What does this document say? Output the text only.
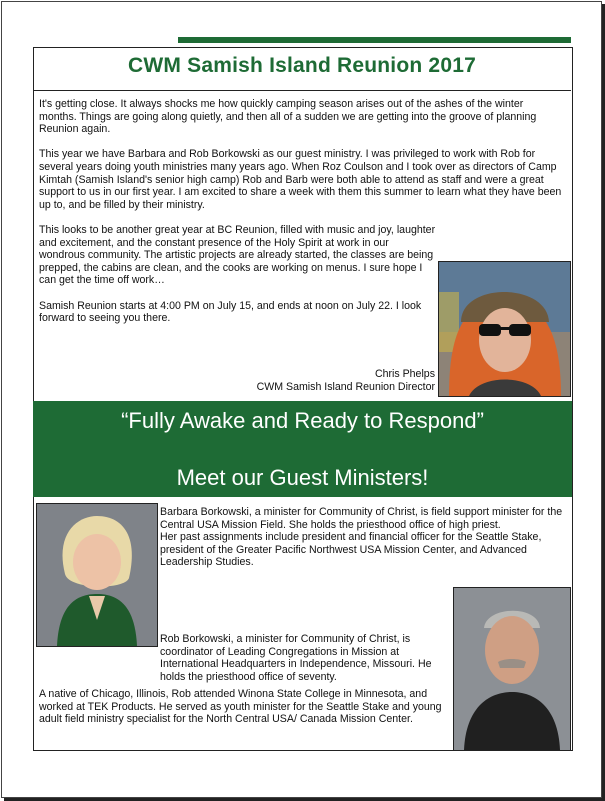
CWM Samish Island Reunion 2017

It's getting close. It always shocks me how quickly camping season arises out of the ashes of the winter months. Things are going along quietly, and then all of a sudden we are getting into the groove of planning Reunion again.

This year we have Barbara and Rob Borkowski as our guest ministry. I was privileged to work with Rob for several years doing youth ministries many years ago. When Roz Coulson and I took over as directors of Camp Kimtah (Samish Island's senior high camp) Rob and Barb were both able to attend as staff and were a great support to us in our first year. I am excited to share a week with them this summer to learn what they have been up to, and be filled by their ministry.

This looks to be another great year at BC Reunion, filled with music and joy, laughter and excitement, and the constant presence of the Holy Spirit at work in our wondrous community. The artistic projects are already started, the classes are being prepped, the cabins are clean, and the cooks are working on menus. I sure hope I can get the time off work…

Samish Reunion starts at 4:00 PM on July 15, and ends at noon on July 22. I look forward to seeing you there.

Chris Phelps
CWM Samish Island Reunion Director
“Fully Awake and Ready to Respond”
Meet our Guest Ministers!

Barbara Borkowski, a minister for Community of Christ, is field support minister for the Central USA Mission Field. She holds the priesthood office of high priest.

Her past assignments include president and financial officer for the Seattle Stake, president of the Greater Pacific Northwest USA Mission Center, and Advanced Leadership Studies.

Rob Borkowski, a minister for Community of Christ, is coordinator of Leading Congregations in Mission at International Headquarters in Independence, Missouri. He holds the priesthood office of seventy.

A native of Chicago, Illinois, Rob attended Winona State College in Minnesota, and worked at TEK Products. He served as youth minister for the Seattle Stake and young adult field ministry specialist for the North Central USA/ Canada Mission Center.
